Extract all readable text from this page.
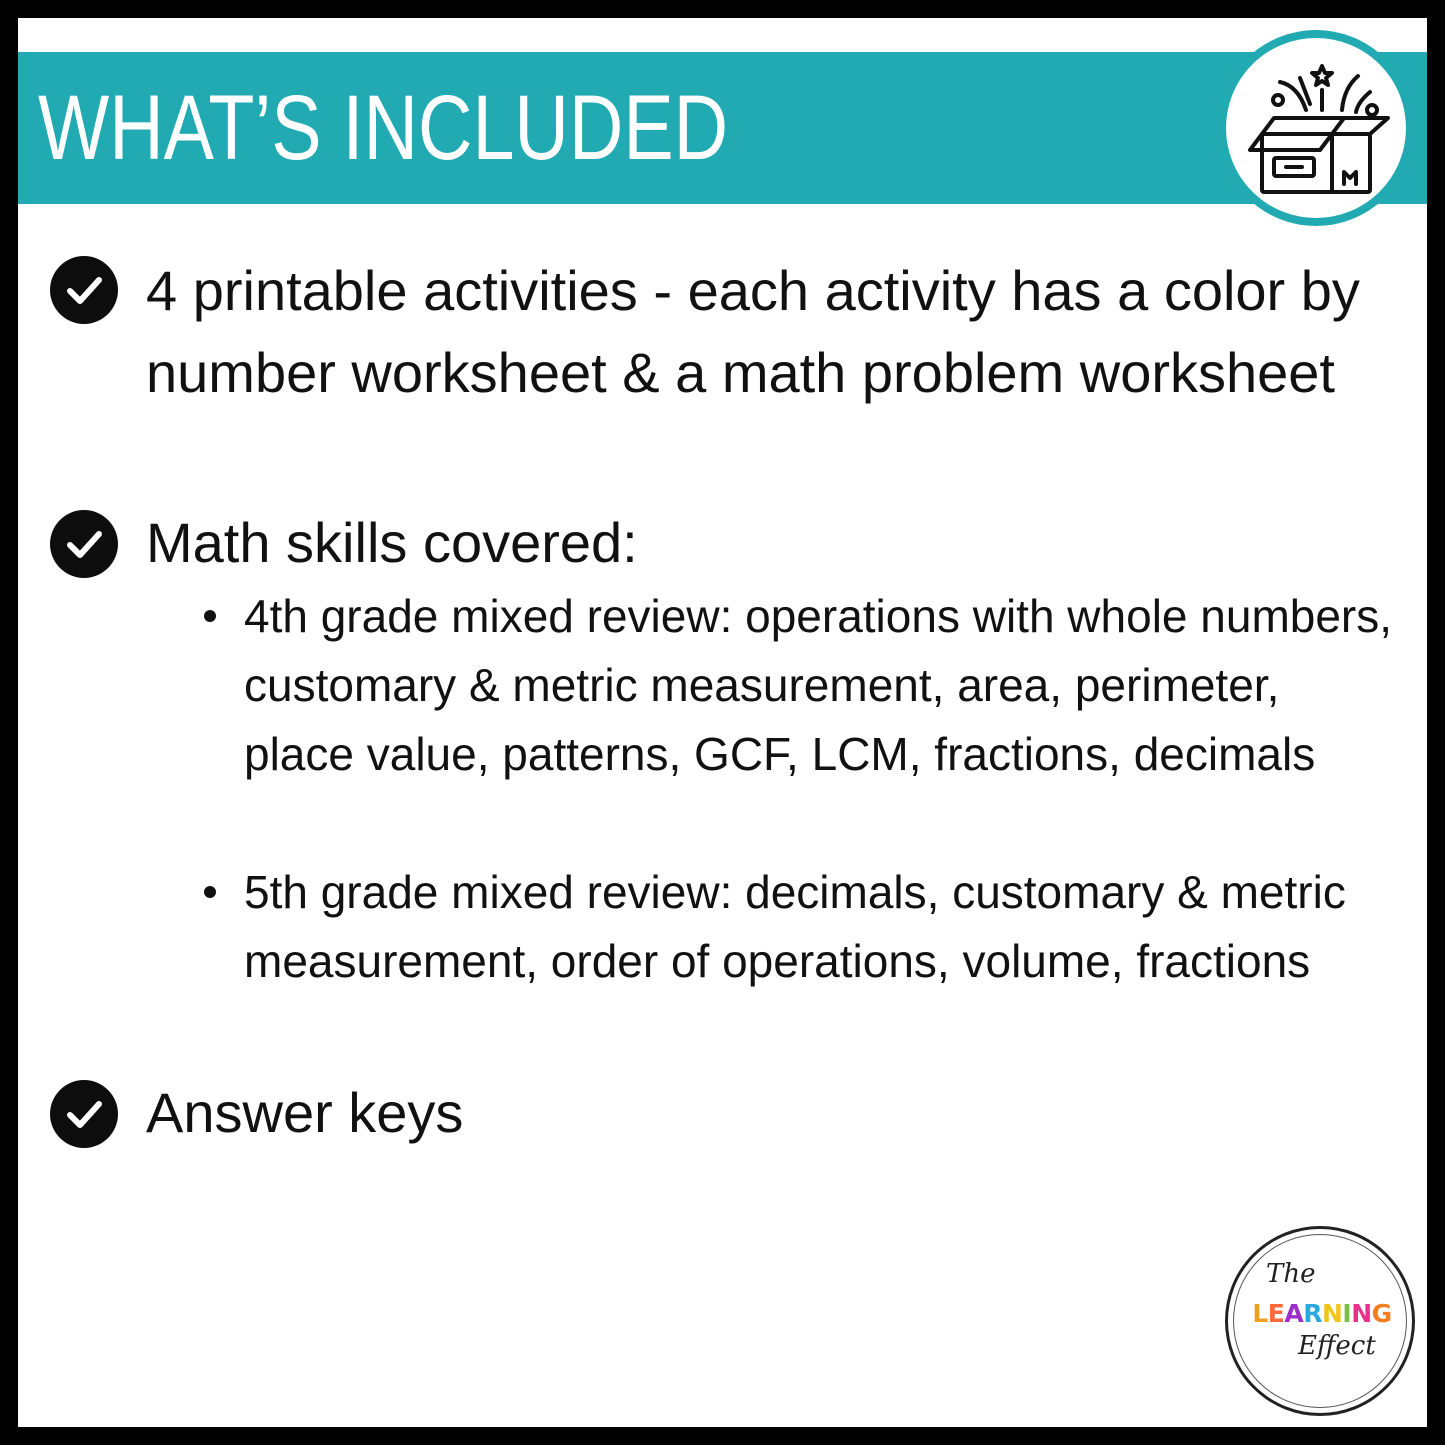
WHAT’S INCLUDED

4 printable activities - each activity has a color by number worksheet & a math problem worksheet

Math skills covered:

4th grade mixed review: operations with whole numbers, customary & metric measurement, area, perimeter, place value, patterns, GCF, LCM, fractions, decimals

5th grade mixed review: decimals, customary & metric measurement, order of operations, volume, fractions

Answer keys

The
LEARNING
Effect
